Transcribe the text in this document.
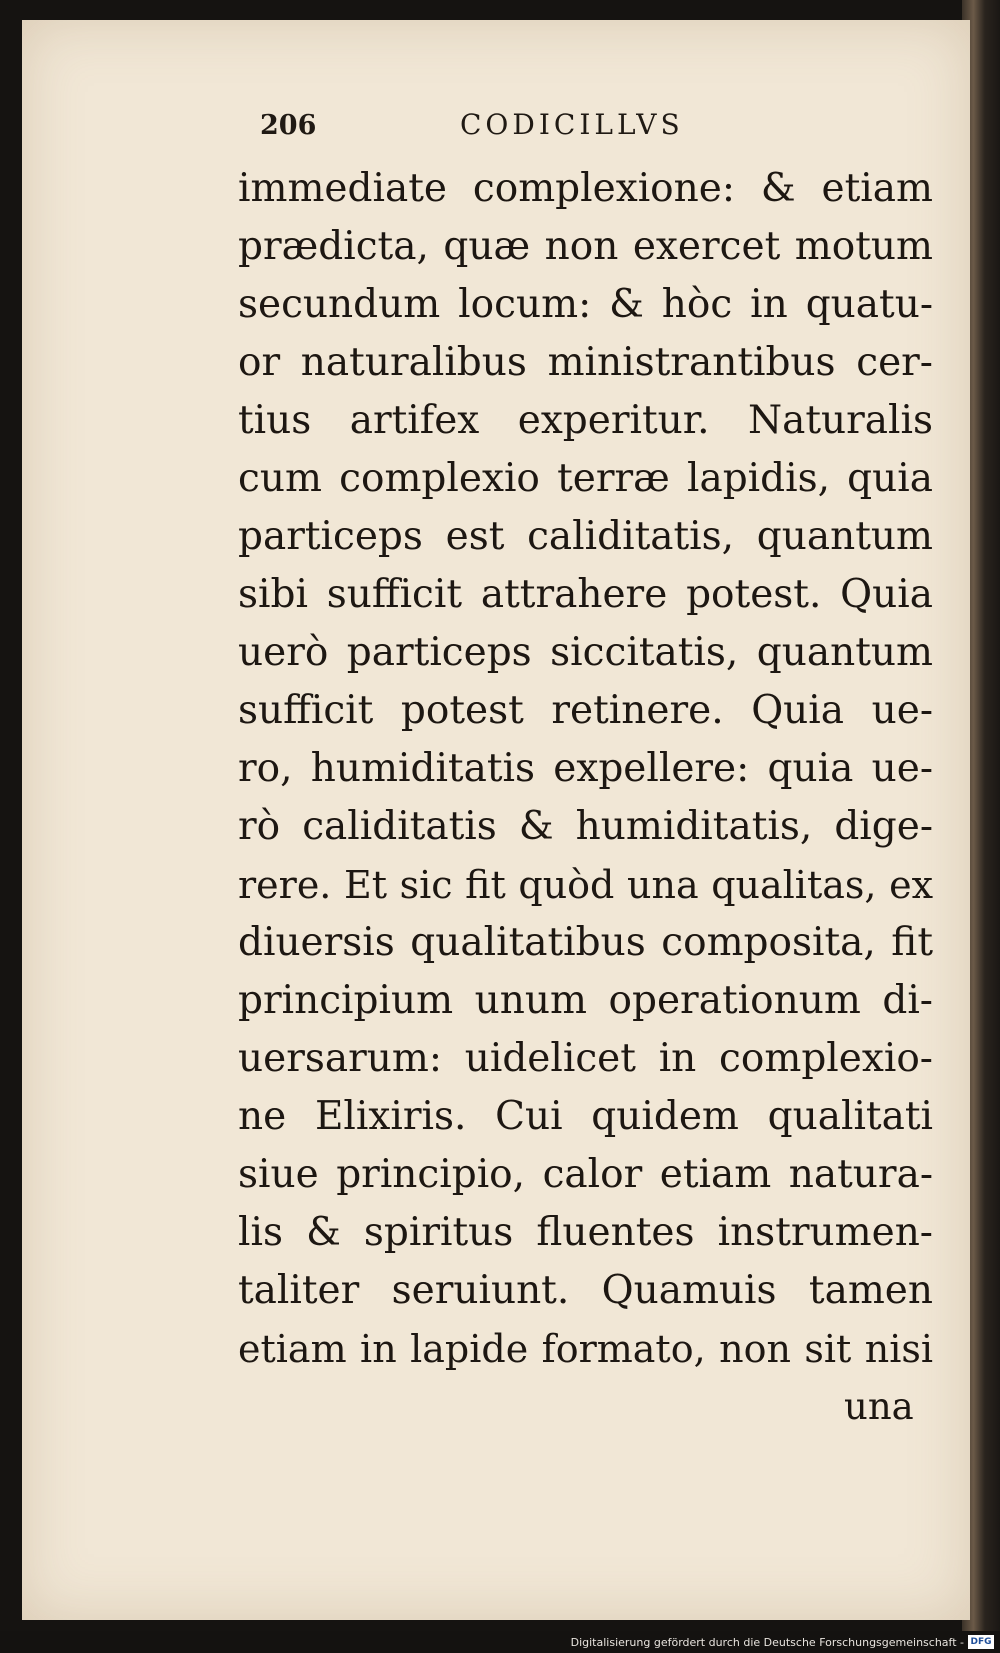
206	CODICILLVS
immediate complexione: & etiam
prædicta, quæ non exercet motum
secundum locum: & hòc in quatu-
or naturalibus ministrantibus cer-
tius artifex experitur. Naturalis
cum complexio terræ lapidis, quia
particeps est caliditatis, quantum
sibi sufficit attrahere potest. Quia
uerò particeps siccitatis, quantum
sufficit potest retinere. Quia ue-
ro, humiditatis expellere: quia ue-
rò caliditatis & humiditatis, dige-
rere. Et sic fit quòd una qualitas, ex
diuersis qualitatibus composita, fit
principium unum operationum di-
uersarum: uidelicet in complexio-
ne Elixiris. Cui quidem qualitati
siue principio, calor etiam natura-
lis & spiritus fluentes instrumen-
taliter seruiunt. Quamuis tamen
etiam in lapide formato, non sit nisi
una
Digitalisierung gefördert durch die Deutsche Forschungsgemeinschaft - DFG
